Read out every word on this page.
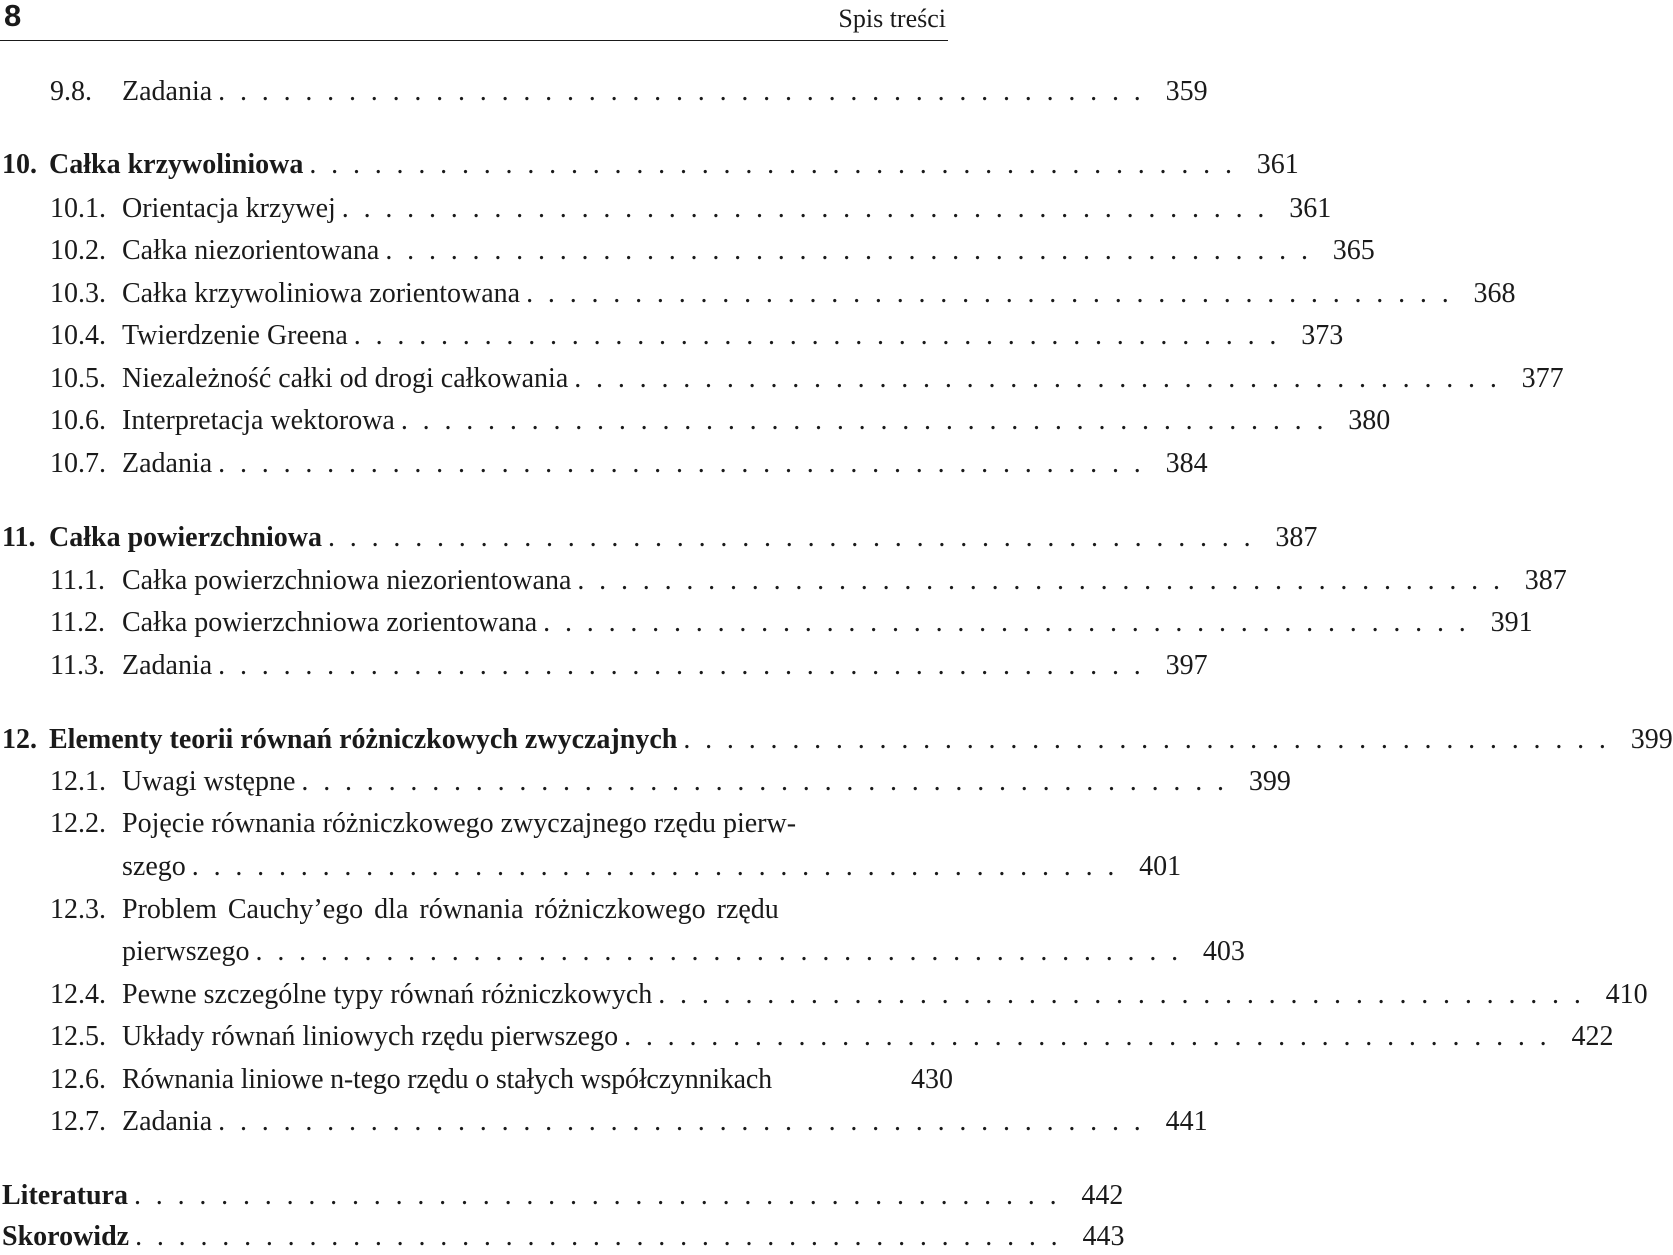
8	Spis treści
9.8.	Zadania ........................................... 359
10. Całka krzywoliniowa ........................................... 361
10.1. Orientacja krzywej ........................................... 361
10.2. Całka niezorientowana ........................................... 365
10.3. Całka krzywoliniowa zorientowana ........................................... 368
10.4. Twierdzenie Greena ........................................... 373
10.5. Niezależność całki od drogi całkowania ........................................... 377
10.6. Interpretacja wektorowa ........................................... 380
10.7. Zadania ........................................... 384
11. Całka powierzchniowa ........................................... 387
11.1. Całka powierzchniowa niezorientowana ........................................... 387
11.2. Całka powierzchniowa zorientowana ........................................... 391
11.3. Zadania ........................................... 397
12. Elementy teorii równań różniczkowych zwyczajnych ........................................... 399
12.1. Uwagi wstępne ........................................... 399
12.2. Pojęcie równania różniczkowego zwyczajnego rzędu pierw-
szego ........................................... 401
12.3. Problem Cauchy’ego dla równania różniczkowego rzędu
pierwszego ........................................... 403
12.4. Pewne szczególne typy równań różniczkowych ........................................... 410
12.5. Układy równań liniowych rzędu pierwszego ........................................... 422
12.6. Równania liniowe n-tego rzędu o stałych współczynnikach	430
12.7. Zadania ........................................... 441
Literatura ........................................... 442
Skorowidz ........................................... 443
